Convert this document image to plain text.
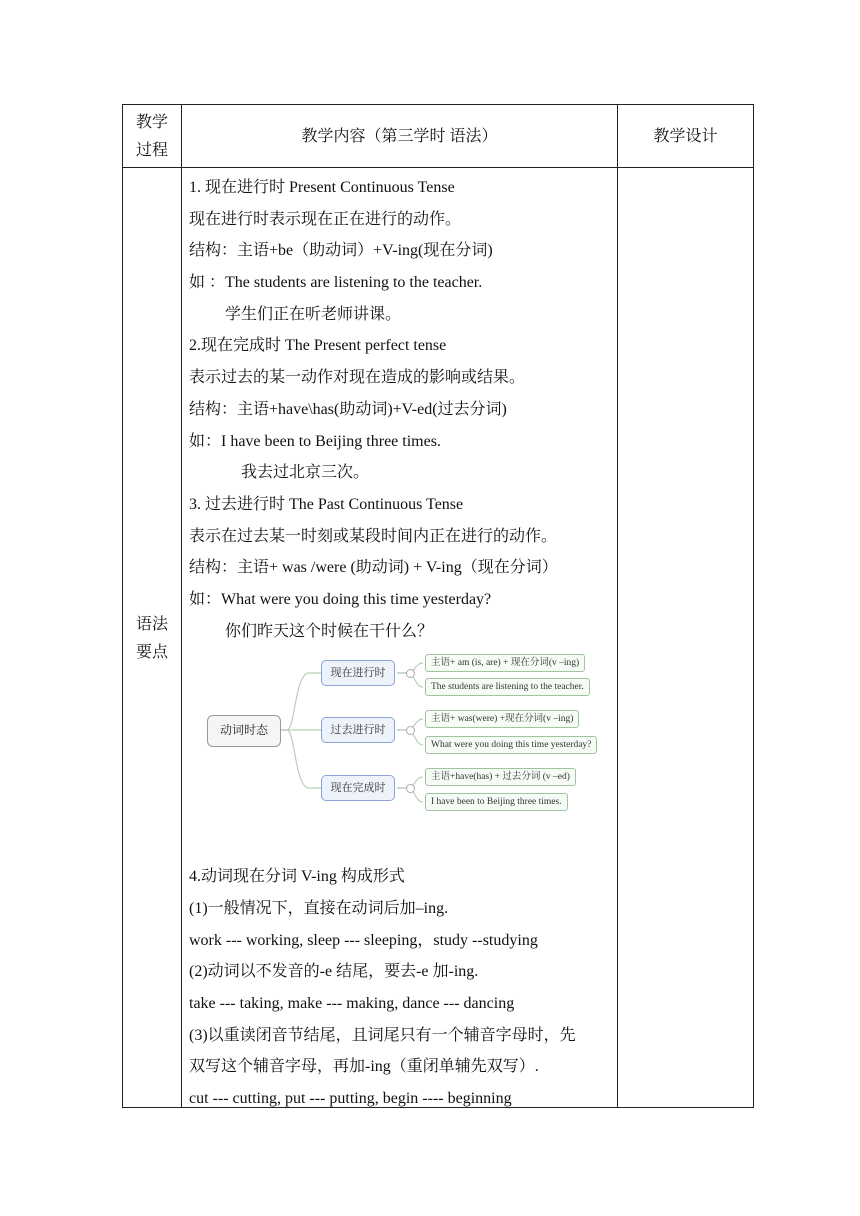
教学过程
教学内容（第三学时 语法）	教学设计
语法要点
1. 现在进行时 Present Continuous Tense
现在进行时表示现在正在进行的动作。
结构：主语+be（助动词）+V-ing(现在分词)
如 ：The students are listening to the teacher.
学生们正在听老师讲课。
2.现在完成时 The Present perfect tense
表示过去的某一动作对现在造成的影响或结果。
结构：主语+have\has(助动词)+V-ed(过去分词)
如：I have been to Beijing three times.
我去过北京三次。
3. 过去进行时 The Past Continuous Tense
表示在过去某一时刻或某段时间内正在进行的动作。
结构：主语+ was /were (助动词) + V-ing（现在分词）
如：What were you doing this time yesterday?
你们昨天这个时候在干什么？
动词时态
现在进行时
主语+ am (is, are) + 现在分词(v –ing)
The students are listening to the teacher.
过去进行时
主语+ was(were) +现在分词(v –ing)
What were you doing this time yesterday?
现在完成时
主语+have(has) + 过去分词 (v –ed)
I have been to Beijing three times.
4.动词现在分词 V-ing 构成形式
(1)一般情况下，直接在动词后加–ing.
work --- working, sleep --- sleeping，study --studying
(2)动词以不发音的-e 结尾，要去-e 加-ing.
take --- taking, make --- making, dance --- dancing
(3)以重读闭音节结尾，且词尾只有一个辅音字母时，先
双写这个辅音字母，再加-ing（重闭单辅先双写）.
cut --- cutting, put --- putting, begin ---- beginning
